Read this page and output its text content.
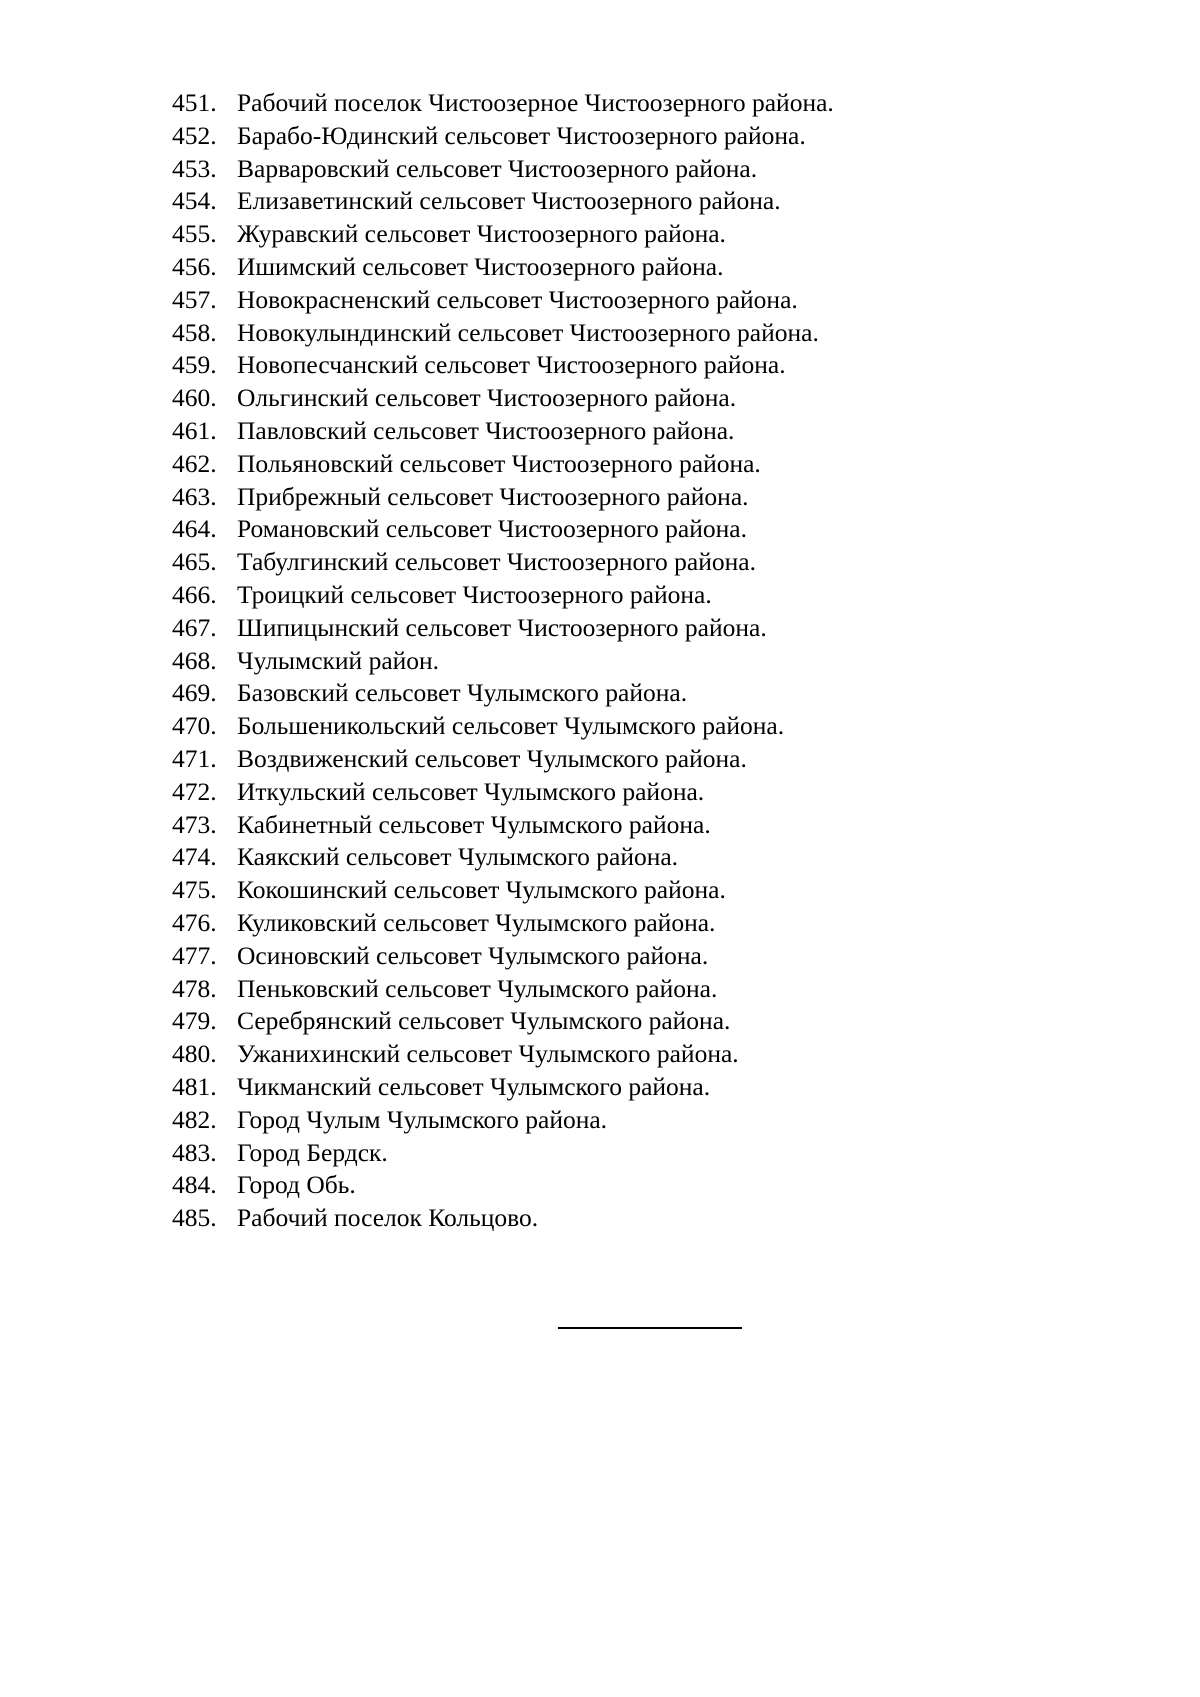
451. Рабочий поселок Чистоозерное Чистоозерного района.
452. Барабо-Юдинский сельсовет Чистоозерного района.
453. Варваровский сельсовет Чистоозерного района.
454. Елизаветинский сельсовет Чистоозерного района.
455. Журавский сельсовет Чистоозерного района.
456. Ишимский сельсовет Чистоозерного района.
457. Новокрасненский сельсовет Чистоозерного района.
458. Новокулындинский сельсовет Чистоозерного района.
459. Новопесчанский сельсовет Чистоозерного района.
460. Ольгинский сельсовет Чистоозерного района.
461. Павловский сельсовет Чистоозерного района.
462. Польяновский сельсовет Чистоозерного района.
463. Прибрежный сельсовет Чистоозерного района.
464. Романовский сельсовет Чистоозерного района.
465. Табулгинский сельсовет Чистоозерного района.
466. Троицкий сельсовет Чистоозерного района.
467. Шипицынский сельсовет Чистоозерного района.
468. Чулымский район.
469. Базовский сельсовет Чулымского района.
470. Большеникольский сельсовет Чулымского района.
471. Воздвиженский сельсовет Чулымского района.
472. Иткульский сельсовет Чулымского района.
473. Кабинетный сельсовет Чулымского района.
474. Каякский сельсовет Чулымского района.
475. Кокошинский сельсовет Чулымского района.
476. Куликовский сельсовет Чулымского района.
477. Осиновский сельсовет Чулымского района.
478. Пеньковский сельсовет Чулымского района.
479. Серебрянский сельсовет Чулымского района.
480. Ужанихинский сельсовет Чулымского района.
481. Чикманский сельсовет Чулымского района.
482. Город Чулым Чулымского района.
483. Город Бердск.
484. Город Обь.
485. Рабочий поселок Кольцово.
